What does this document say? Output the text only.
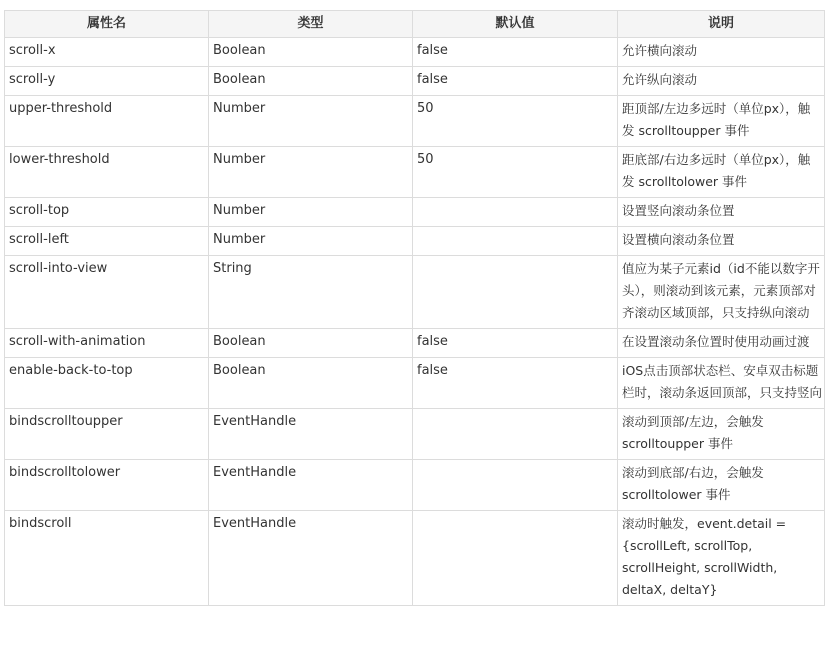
属性名	类型	默认值	说明
scroll-x	Boolean	false	允许横向滚动
scroll-y	Boolean	false	允许纵向滚动
upper-threshold	Number	50	距顶部/左边多远时（单位px），触发 scrolltoupper 事件
lower-threshold	Number	50	距底部/右边多远时（单位px），触发 scrolltolower 事件
scroll-top	Number		设置竖向滚动条位置
scroll-left	Number		设置横向滚动条位置
scroll-into-view	String		值应为某子元素id（id不能以数字开头），则滚动到该元素，元素顶部对齐滚动区域顶部，只支持纵向滚动
scroll-with-animation	Boolean	false	在设置滚动条位置时使用动画过渡
enable-back-to-top	Boolean	false	iOS点击顶部状态栏、安卓双击标题栏时，滚动条返回顶部，只支持竖向
bindscrolltoupper	EventHandle		滚动到顶部/左边，会触发 scrolltoupper 事件
bindscrolltolower	EventHandle		滚动到底部/右边，会触发 scrolltolower 事件
bindscroll	EventHandle		滚动时触发，event.detail = {scrollLeft, scrollTop, scrollHeight, scrollWidth, deltaX, deltaY}
